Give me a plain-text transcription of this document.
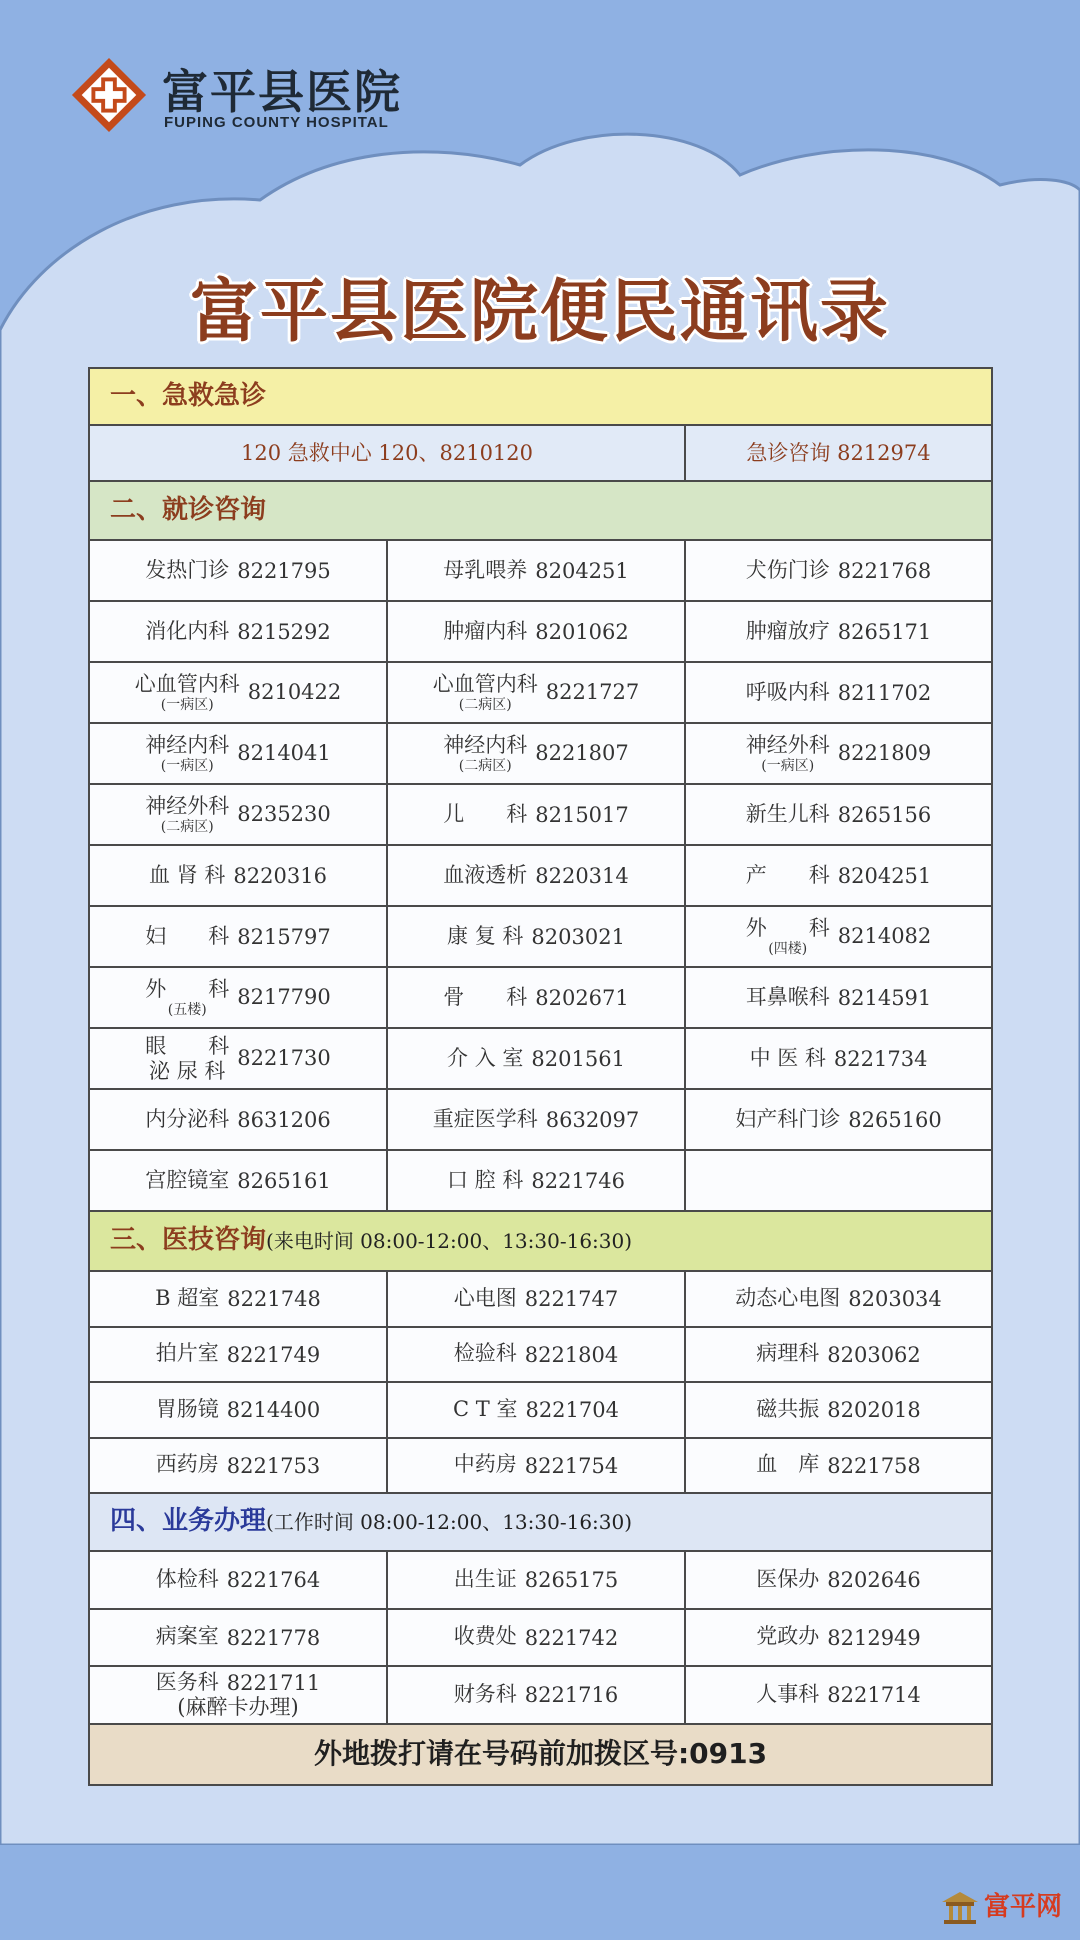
富平县医院
FUPING COUNTY HOSPITAL
富平县医院便民通讯录
一、急救急诊		
120 急救中心 120、8210120		急诊咨询 8212974
二、就诊咨询		
发热门诊 8221795	母乳喂养 8204251	犬伤门诊 8221768
消化内科 8215292	肿瘤内科 8201062	肿瘤放疗 8265171

心血管内科
(一病区)
8210422	心血管内科
(二病区)
8221727	呼吸内科 8211702

神经内科
(一病区)
8214041	神经内科
(二病区)
8221807	神经外科
(一病区)
8221809

神经外科
(二病区)
8235230	儿　　科 8215017	新生儿科 8265156
血 肾 科 8220316	血液透析 8220314	产　　科 8204251
妇　　科 8215797	康 复 科 8203021	外　　科
(四楼)
8214082

外　　科
(五楼)
8217790	骨　　科 8202671	耳鼻喉科 8214591

眼　　科
泌 尿 科
8221730	介 入 室 8201561	中 医 科 8221734
内分泌科 8631206	重症医学科 8632097	妇产科门诊 8265160
宫腔镜室 8265161	口 腔 科 8221746	
三、医技咨询(来电时间 08:00-12:00、13:30-16:30)		
B 超室 8221748	心电图 8221747	动态心电图 8203034
拍片室 8221749	检验科 8221804	病理科 8203062
胃肠镜 8214400	C T 室 8221704	磁共振 8202018
西药房 8221753	中药房 8221754	血　库 8221758
四、业务办理(工作时间 08:00-12:00、13:30-16:30)		
体检科 8221764	出生证 8265175	医保办 8202646
病案室 8221778	收费处 8221742	党政办 8212949
医务科 8221711
(麻醉卡办理)	财务科 8221716	人事科 8221714
外地拨打请在号码前加拨区号:0913		
富平网
